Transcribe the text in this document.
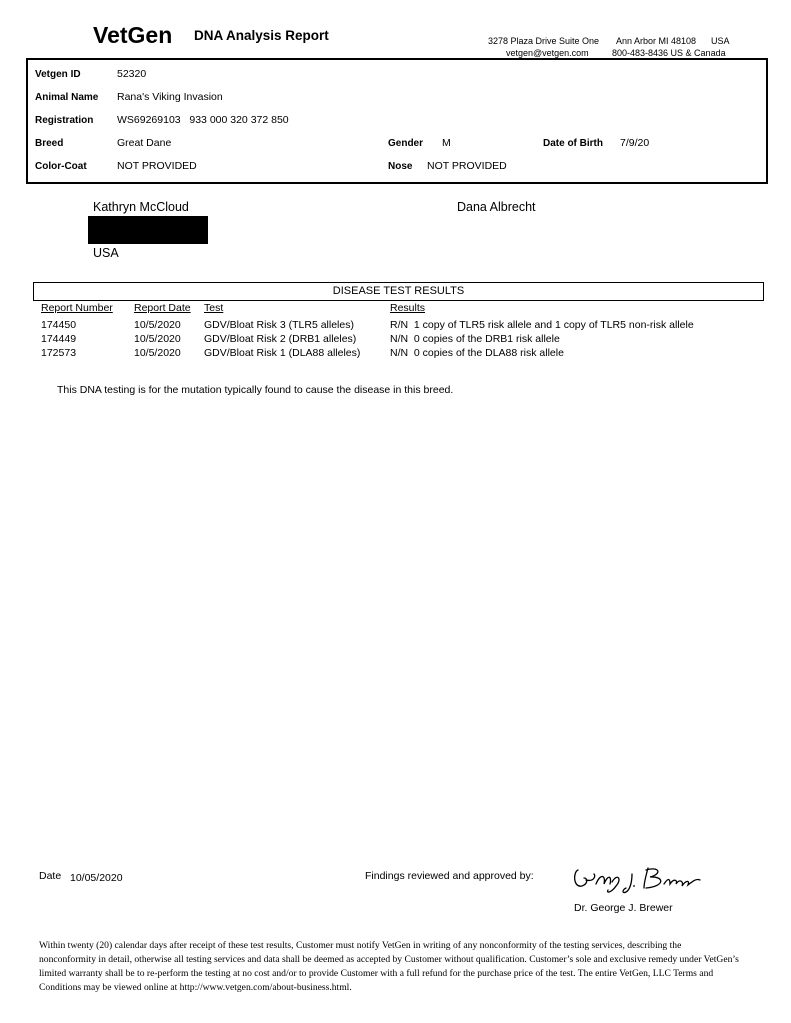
VetGen DNA Analysis Report	3278 Plaza Drive Suite One Ann Arbor MI 48108 USA
vetgen@vetgen.com	800-483-8436 US & Canada
Vetgen ID	52320
Animal Name Rana's Viking Invasion
Registration WS69269103   933 000 320 372 850
Breed	Great Dane	Gender M	Date of Birth 7/9/20
Color-Coat	NOT PROVIDED	Nose NOT PROVIDED
Kathryn McCloud
USA
Dana Albrecht
DISEASE TEST RESULTS
Report Number Report Date Test	Results
174450	10/5/2020 GDV/Bloat Risk 3 (TLR5 alleles)	R/N  1 copy of TLR5 risk allele and 1 copy of TLR5 non-risk allele
174449	10/5/2020 GDV/Bloat Risk 2 (DRB1 alleles)	N/N  0 copies of the DRB1 risk allele
172573	10/5/2020 GDV/Bloat Risk 1 (DLA88 alleles)	N/N  0 copies of the DLA88 risk allele
This DNA testing is for the mutation typically found to cause the disease in this breed.
Date 10/05/2020	Findings reviewed and approved by:
Dr. George J. Brewer
Within twenty (20) calendar days after receipt of these test results, Customer must notify VetGen in writing of any nonconformity of the testing services, describing the nonconformity in detail, otherwise all testing services and data shall be deemed as accepted by Customer without qualification. Customer’s sole and exclusive remedy under VetGen’s limited warranty shall be to re-perform the testing at no cost and/or to provide Customer with a full refund for the purchase price of the test. The entire VetGen, LLC Terms and Conditions may be viewed online at http://www.vetgen.com/about-business.html.
